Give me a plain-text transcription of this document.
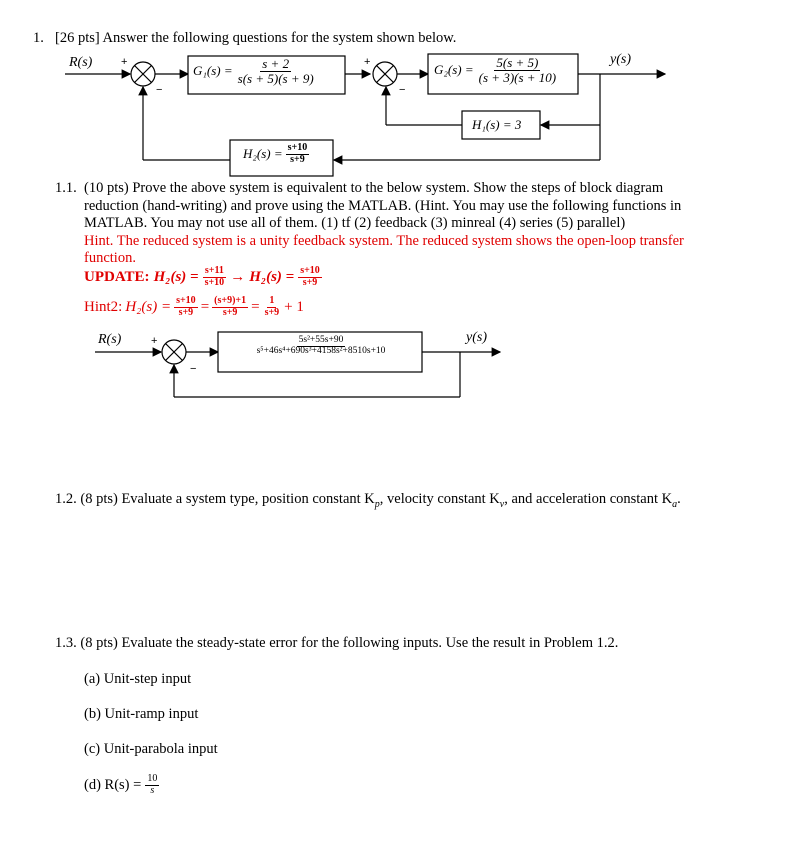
1. [26 pts] Answer the following questions for the system shown below.
R(s)	y(s)
+
−
+
−
$G_1(s) = \frac{s + 2}{s(s + 5)(s + 9)}$	$G_2(s) = \frac{5(s + 5)}{(s + 3)(s + 10)}$
H₁(s) = 3
$H_2(s) = \frac{s+10}{s+9}$
1.1. (10 pts) Prove the above system is equivalent to the below system. Show the steps of block diagram
reduction (hand-writing) and prove using the MATLAB. (Hint. You may use the following functions in
MATLAB. You may not use all of them. (1) tf (2) feedback (3) minreal (4) series (5) parallel)
Hint. The reduced system is a unity feedback system. The reduced system shows the open-loop transfer
function.
UPDATE: $H_2(s) = \frac{s+11}{s+10} \to H_2(s) = \frac{s+10}{s+9}$
Hint2: $H_2(s) = \frac{s+10}{s+9} = \frac{(s+9)+1}{s+9} = \frac{1}{s+9} + 1$
R(s)	y(s)
+
−
$\frac{\text{5s²+55s+90}}{\text{s⁵+46s⁴+690s³+4158s²+8510s+10}}$
1.2. (8 pts) Evaluate a system type, position constant $K_p$, velocity constant $K_v$, and acceleration constant $K_a$.
1.3. (8 pts) Evaluate the steady-state error for the following inputs. Use the result in Problem 1.2.
(a) Unit-step input
(b) Unit-ramp input
(c) Unit-parabola input
(d) $R(s) = \frac{10}{s}$
